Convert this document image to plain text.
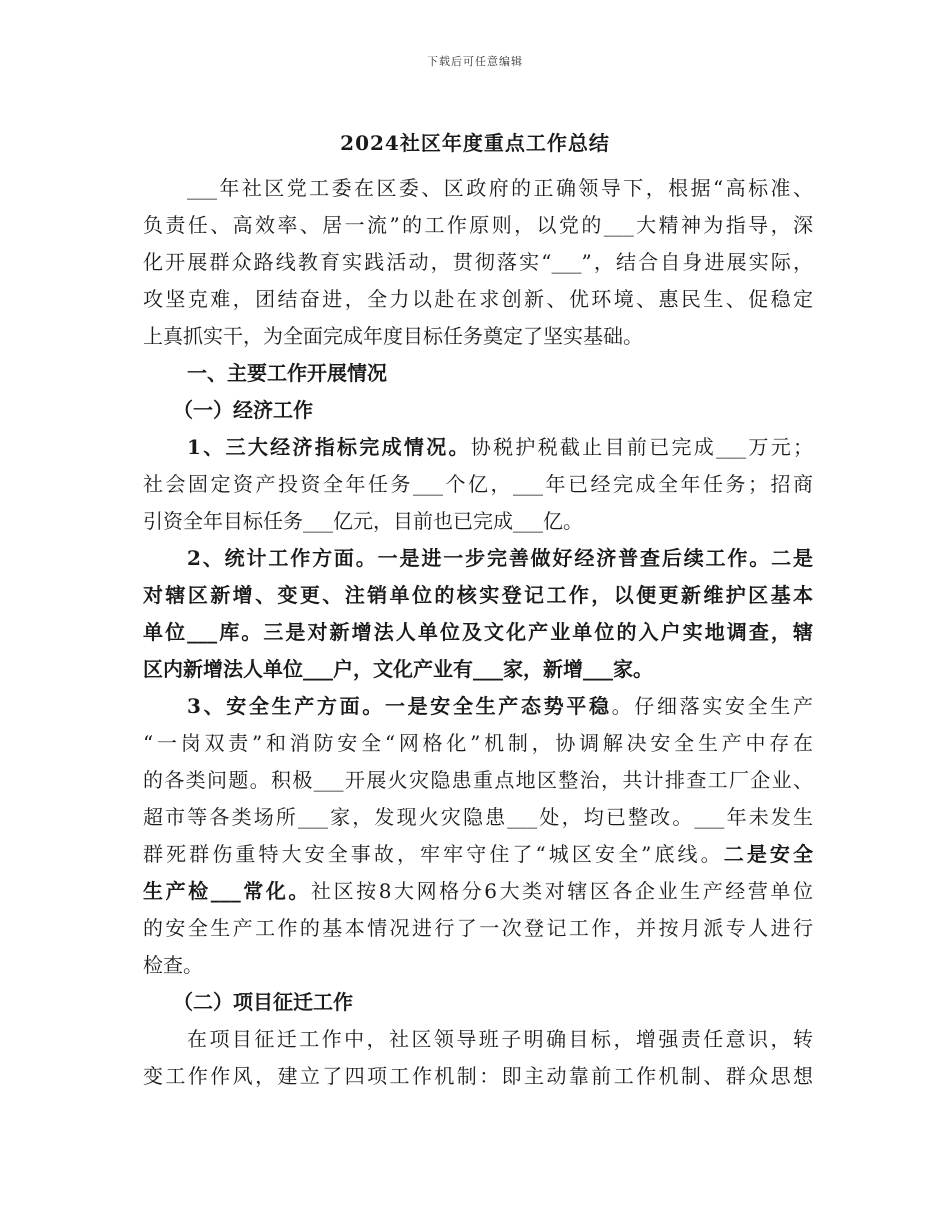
下载后可任意编辑
2024社区年度重点工作总结
___年社区党工委在区委、区政府的正确领导下，根据“高标准、
负责任、高效率、居一流”的工作原则，以党的___大精神为指导，深
化开展群众路线教育实践活动，贯彻落实“___”，结合自身进展实际，
攻坚克难，团结奋进，全力以赴在求创新、优环境、惠民生、促稳定
上真抓实干，为全面完成年度目标任务奠定了坚实基础。
一、主要工作开展情况
（一）经济工作
1、三大经济指标完成情况。协税护税截止目前已完成___万元；
社会固定资产投资全年任务___个亿，___年已经完成全年任务；招商
引资全年目标任务___亿元，目前也已完成___亿。
2、统计工作方面。一是进一步完善做好经济普查后续工作。二是
对辖区新增、变更、注销单位的核实登记工作，以便更新维护区基本
单位___库。三是对新增法人单位及文化产业单位的入户实地调查，辖
区内新增法人单位___户，文化产业有___家，新增___家。
3、安全生产方面。一是安全生产态势平稳。仔细落实安全生产
“一岗双责”和消防安全“网格化”机制，协调解决安全生产中存在
的各类问题。积极___开展火灾隐患重点地区整治，共计排查工厂企业、
超市等各类场所___家，发现火灾隐患___处，均已整改。___年未发生
群死群伤重特大安全事故，牢牢守住了“城区安全”底线。二是安全
生产检___常化。社区按8大网格分6大类对辖区各企业生产经营单位
的安全生产工作的基本情况进行了一次登记工作，并按月派专人进行
检查。
（二）项目征迁工作
在项目征迁工作中，社区领导班子明确目标，增强责任意识，转
变工作作风，建立了四项工作机制：即主动靠前工作机制、群众思想
